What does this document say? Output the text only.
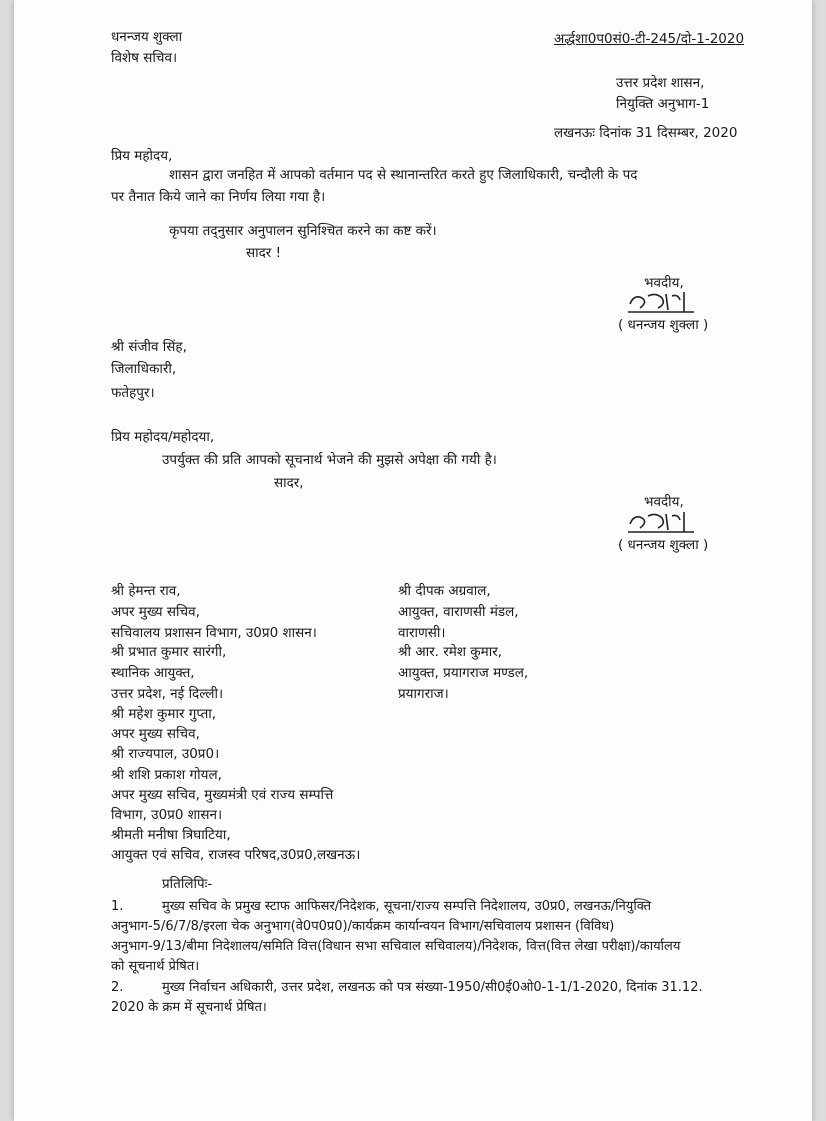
धनन्जय शुक्ला
विशेष सचिव।
अर्द्धशा0प0सं0-टी-245/दो-1-2020
उत्तर प्रदेश शासन,
नियुक्ति अनुभाग-1
लखनऊः दिनांक 31 दिसम्बर, 2020
प्रिय महोदय,
शासन द्वारा जनहित में आपको वर्तमान पद से स्थानान्तरित करते हुए जिलाधिकारी, चन्दौली के पद
पर तैनात किये जाने का निर्णय लिया गया है।
कृपया तद्नुसार अनुपालन सुनिश्चित करने का कष्ट करें।
सादर !
भवदीय,
( धनन्जय शुक्ला )
श्री संजीव सिंह,
जिलाधिकारी,
फतेहपुर।
प्रिय महोदय/महोदया,
उपर्युक्त की प्रति आपको सूचनार्थ भेजने की मुझसे अपेक्षा की गयी है।
सादर,
भवदीय,
( धनन्जय शुक्ला )
श्री हेमन्त राव,
अपर मुख्य सचिव,
सचिवालय प्रशासन विभाग, उ0प्र0 शासन।
श्री प्रभात कुमार सारंगी,
स्थानिक आयुक्त,
उत्तर प्रदेश, नई दिल्ली।
श्री महेश कुमार गुप्ता,
अपर मुख्य सचिव,
श्री राज्यपाल, उ0प्र0।
श्री शशि प्रकाश गोयल,
अपर मुख्य सचिव, मुख्यमंत्री एवं राज्य सम्पत्ति
विभाग, उ0प्र0 शासन।
श्रीमती मनीषा त्रिघाटिया,
आयुक्त एवं सचिव, राजस्व परिषद,उ0प्र0,लखनऊ।
श्री दीपक अग्रवाल,
आयुक्त, वाराणसी मंडल,
वाराणसी।
श्री आर. रमेश कुमार,
आयुक्त, प्रयागराज मण्डल,
प्रयागराज।
प्रतिलिपिः-
1.	मुख्य सचिव के प्रमुख स्टाफ आफिसर/निदेशक, सूचना/राज्य सम्पत्ति निदेशालय, उ0प्र0, लखनऊ/नियुक्ति
अनुभाग-5/6/7/8/इरला चेक अनुभाग(वे0प0प्र0)/कार्यक्रम कार्यान्वयन विभाग/सचिवालय प्रशासन (विविध)
अनुभाग-9/13/बीमा निदेशालय/समिति वित्त(विधान सभा सचिवाल सचिवालय)/निदेशक, वित्त(वित्त लेखा परीक्षा)/कार्यालय
को सूचनार्थ प्रेषित।
2.	मुख्य निर्वाचन अधिकारी, उत्तर प्रदेश, लखनऊ को पत्र संख्या-1950/सी0ई0ओ0-1-1/1-2020, दिनांक 31.12.
2020 के क्रम में सूचनार्थ प्रेषित।
